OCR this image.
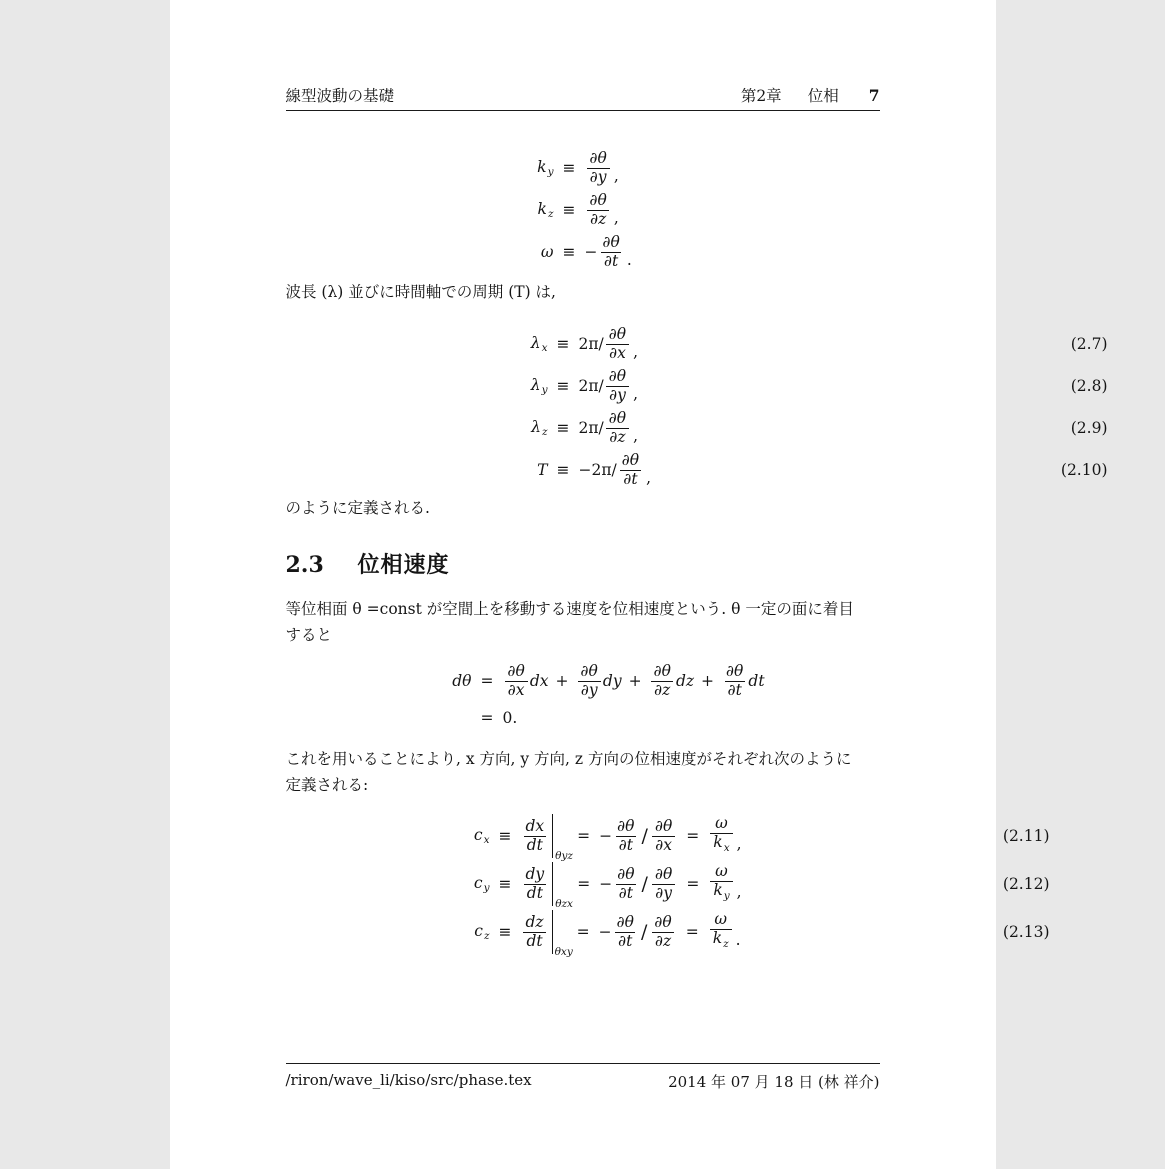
線型波動の基礎	第2章 位相 7
$k_y \equiv \frac{\partial\theta}{\partial y}$ ,
$k_z \equiv \frac{\partial\theta}{\partial z}$ ,
ω ≡ − $\frac{\partial\theta}{\partial t}$ .

波長 (λ) 並びに時間軸での周期 (T) は,

$\lambda_x \equiv 2\pi/ \frac{\partial\theta}{\partial x}$ ,	(2.7)
$\lambda_y \equiv 2\pi/ \frac{\partial\theta}{\partial y}$ ,	(2.8)
$\lambda_z \equiv 2\pi/ \frac{\partial\theta}{\partial z}$ ,	(2.9)
$T \equiv -2\pi/ \frac{\partial\theta}{\partial t}$ ,	(2.10)

のように定義される.

2.3 位相速度

等位相面 θ =const が空間上を移動する速度を位相速度という. θ 一定の面に着目
すると

$d\theta = \frac{\partial\theta}{\partial x}$ dx + $\frac{\partial\theta}{\partial y}$ dy + $\frac{\partial\theta}{\partial z}$ dz + $\frac{\partial\theta}{\partial t}$ dt
= 0.

これを用いることにより, x 方向, y 方向, z 方向の位相速度がそれぞれ次のように
定義される:

$c_x \equiv \frac{dx}{dt}$
θyz
= − $\frac{\partial\theta}{\partial t} / \frac{\partial\theta}{\partial x} = \frac{\omega}{k_x}$ ,	(2.11)
$c_y \equiv \frac{dy}{dt}$
θzx
= − $\frac{\partial\theta}{\partial t} / \frac{\partial\theta}{\partial y} = \frac{\omega}{k_y}$ ,	(2.12)
$c_z \equiv \frac{dz}{dt}$
θxy
= − $\frac{\partial\theta}{\partial t} / \frac{\partial\theta}{\partial z} = \frac{\omega}{k_z}$ .	(2.13)
/riron/wave_li/kiso/src/phase.tex	2014 年 07 月 18 日 (林 祥介)
